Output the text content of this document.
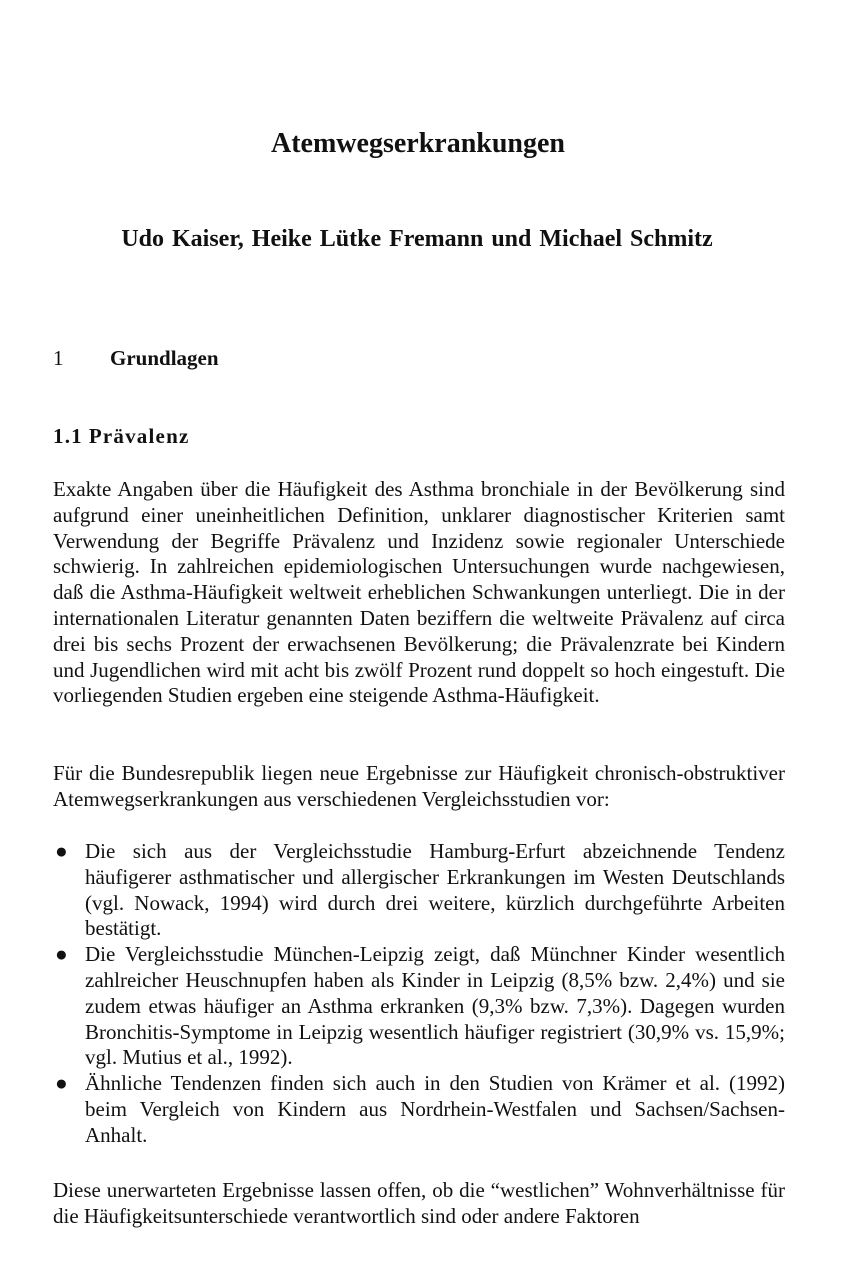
Atemwegserkrankungen
Udo Kaiser, Heike Lütke Fremann und Michael Schmitz
1 Grundlagen
1.1 Prävalenz

Exakte Angaben über die Häufigkeit des Asthma bronchiale in der Bevölkerung sind aufgrund einer uneinheitlichen Definition, unklarer diagnostischer Kriterien samt Verwendung der Begriffe Prävalenz und Inzidenz sowie regionaler Unterschiede schwierig. In zahlreichen epidemiologischen Untersuchungen wurde nachgewiesen, daß die Asthma-Häufigkeit weltweit erheblichen Schwankungen unterliegt. Die in der internationalen Literatur genannten Daten beziffern die weltweite Prävalenz auf circa drei bis sechs Prozent der erwachsenen Bevölkerung; die Prävalenzrate bei Kindern und Jugendlichen wird mit acht bis zwölf Prozent rund doppelt so hoch eingestuft. Die vorliegenden Studien ergeben eine steigende Asthma-Häufigkeit.

Für die Bundesrepublik liegen neue Ergebnisse zur Häufigkeit chronisch-obstruktiver Atemwegserkrankungen aus verschiedenen Vergleichsstudien vor:

● Die sich aus der Vergleichsstudie Hamburg-Erfurt abzeichnende Tendenz häufigerer asthmatischer und allergischer Erkrankungen im Westen Deutschlands (vgl. Nowack, 1994) wird durch drei weitere, kürzlich durchgeführte Arbeiten bestätigt.
● Die Vergleichsstudie München-Leipzig zeigt, daß Münchner Kinder wesentlich zahlreicher Heuschnupfen haben als Kinder in Leipzig (8,5% bzw. 2,4%) und sie zudem etwas häufiger an Asthma erkranken (9,3% bzw. 7,3%). Dagegen wurden Bronchitis-Symptome in Leipzig wesentlich häufiger registriert (30,9% vs. 15,9%; vgl. Mutius et al., 1992).
● Ähnliche Tendenzen finden sich auch in den Studien von Krämer et al. (1992) beim Vergleich von Kindern aus Nordrhein-Westfalen und Sachsen/Sachsen-Anhalt.

Diese unerwarteten Ergebnisse lassen offen, ob die “westlichen” Wohnverhältnisse für die Häufigkeitsunterschiede verantwortlich sind oder andere Faktoren
